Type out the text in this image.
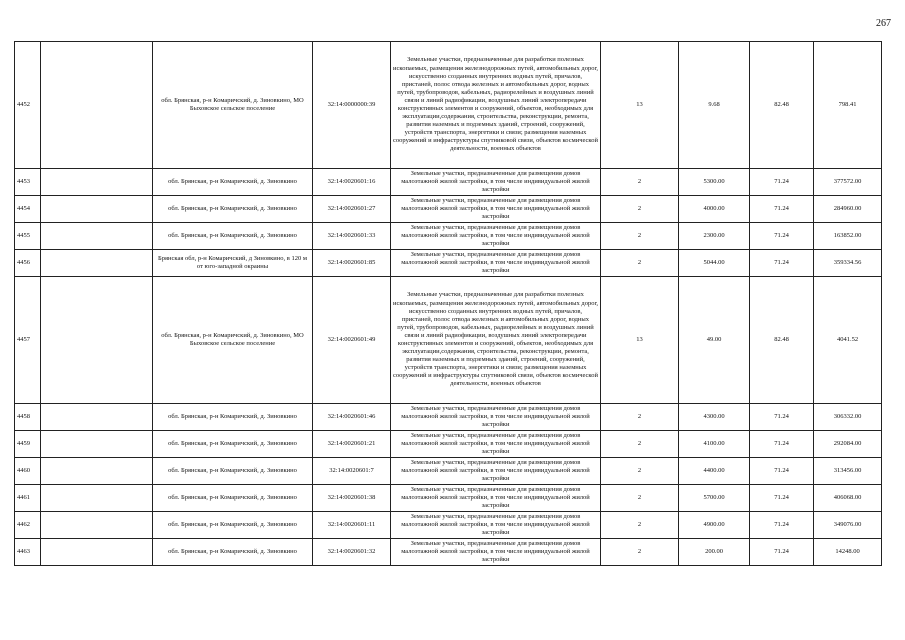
267
4452		обл. Брянская, р-н Комаричский, д. Зиновкино, МО Быховское сельское поселение	32:14:0000000:39	Земельные участки, предназначенные для разработки полезных ископаемых, размещения железнодорожных путей, автомобильных дорог, искусственно созданных внутренних водных путей, причалов, пристаней, полос отвода железных и автомобильных дорог, водных путей, трубопроводов, кабельных, радиорелейных и воздушных линий связи и линий радиофикации, воздушных линий электропередачи конструктивных элементов и сооружений, объектов, необходимых для эксплуатации,содержания, строительства, реконструкции, ремонта, развития наземных и подземных зданий, строений, сооружений, устройств транспорта, энергетики и связи; размещения наземных сооружений и инфраструктуры спутниковой связи, объектов космической деятельности, военных объектов	13	9.68	82.48	798.41
4453		обл. Брянская, р-н Комаричский, д. Зиновкино	32:14:0020601:16	Земельные участки, предназначенные для размещения домов малоэтажной жилой застройки, в том числе индивидуальной жилой застройки	2	5300.00	71.24	377572.00
4454		обл. Брянская, р-н Комаричский, д. Зиновкино	32:14:0020601:27	Земельные участки, предназначенные для размещения домов малоэтажной жилой застройки, в том числе индивидуальной жилой застройки	2	4000.00	71.24	284960.00
4455		обл. Брянская, р-н Комаричский, д. Зиновкино	32:14:0020601:33	Земельные участки, предназначенные для размещения домов малоэтажной жилой застройки, в том числе индивидуальной жилой застройки	2	2300.00	71.24	163852.00
4456		Брянская обл, р-н Комаричский, д Зиновкино, в 120 м от юго-западной окраины	32:14:0020601:85	Земельные участки, предназначенные для размещения домов малоэтажной жилой застройки, в том числе индивидуальной жилой застройки	2	5044.00	71.24	359334.56
4457		обл. Брянская, р-н Комаричский, д. Зиновкино, МО Быховское сельское поселение	32:14:0020601:49	Земельные участки, предназначенные для разработки полезных ископаемых, размещения железнодорожных путей, автомобильных дорог, искусственно созданных внутренних водных путей, причалов, пристаней, полос отвода железных и автомобильных дорог, водных путей, трубопроводов, кабельных, радиорелейных и воздушных линий связи и линий радиофикации, воздушных линий электропередачи конструктивных элементов и сооружений, объектов, необходимых для эксплуатации,содержания, строительства, реконструкции, ремонта, развития наземных и подземных зданий, строений, сооружений, устройств транспорта, энергетики и связи; размещения наземных сооружений и инфраструктуры спутниковой связи, объектов космической деятельности, военных объектов	13	49.00	82.48	4041.52
4458		обл. Брянская, р-н Комаричский, д. Зиновкино	32:14:0020601:46	Земельные участки, предназначенные для размещения домов малоэтажной жилой застройки, в том числе индивидуальной жилой застройки	2	4300.00	71.24	306332.00
4459		обл. Брянская, р-н Комаричский, д. Зиновкино	32:14:0020601:21	Земельные участки, предназначенные для размещения домов малоэтажной жилой застройки, в том числе индивидуальной жилой застройки	2	4100.00	71.24	292084.00
4460		обл. Брянская, р-н Комаричский, д. Зиновкино	32:14:0020601:7	Земельные участки, предназначенные для размещения домов малоэтажной жилой застройки, в том числе индивидуальной жилой застройки	2	4400.00	71.24	313456.00
4461		обл. Брянская, р-н Комаричский, д. Зиновкино	32:14:0020601:38	Земельные участки, предназначенные для размещения домов малоэтажной жилой застройки, в том числе индивидуальной жилой застройки	2	5700.00	71.24	406068.00
4462		обл. Брянская, р-н Комаричский, д. Зиновкино	32:14:0020601:11	Земельные участки, предназначенные для размещения домов малоэтажной жилой застройки, в том числе индивидуальной жилой застройки	2	4900.00	71.24	349076.00
4463		обл. Брянская, р-н Комаричский, д. Зиновкино	32:14:0020601:32	Земельные участки, предназначенные для размещения домов малоэтажной жилой застройки, в том числе индивидуальной жилой застройки	2	200.00	71.24	14248.00
